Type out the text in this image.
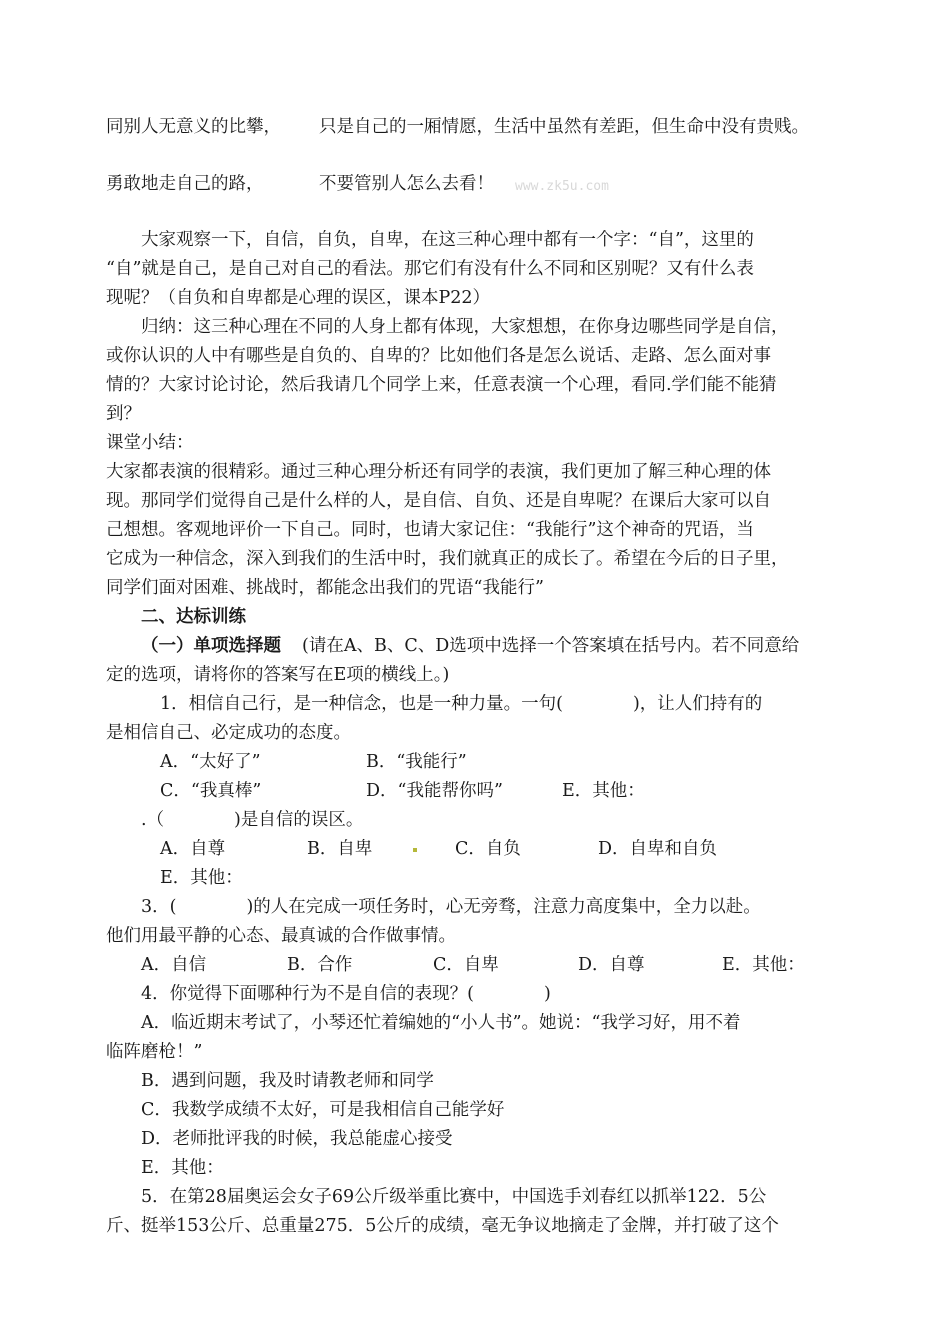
同别人无意义的比攀， 只是自己的一厢情愿，生活中虽然有差距，但生命中没有贵贱。
勇敢地走自己的路，	不要管别人怎么去看！ www.zk5u.com
大家观察一下，自信，自负，自卑，在这三种心理中都有一个字：“自”，这里的
“自”就是自己，是自己对自己的看法。那它们有没有什么不同和区别呢？又有什么表
现呢？（自负和自卑都是心理的误区，课本P22）
归纳：这三种心理在不同的人身上都有体现，大家想想，在你身边哪些同学是自信，
或你认识的人中有哪些是自负的、自卑的？比如他们各是怎么说话、走路、怎么面对事
情的？大家讨论讨论，然后我请几个同学上来，任意表演一个心理，看同.学们能不能猜
到？
课堂小结：
大家都表演的很精彩。通过三种心理分析还有同学的表演，我们更加了解三种心理的体
现。那同学们觉得自己是什么样的人，是自信、自负、还是自卑呢？在课后大家可以自
己想想。客观地评价一下自己。同时，也请大家记住：“我能行”这个神奇的咒语，当
它成为一种信念，深入到我们的生活中时，我们就真正的成长了。希望在今后的日子里，
同学们面对困难、挑战时，都能念出我们的咒语“我能行”
二、达标训练
（一）单项选择题 (请在A、B、C、D选项中选择一个答案填在括号内。若不同意给
定的选项，请将你的答案写在E项的横线上。)
1．相信自己行，是一种信念，也是一种力量。一句(　　　　)，让人们持有的
是相信自己、必定成功的态度。
A．“太好了”	B．“我能行”
C．“我真棒”	D．“我能帮你吗”	E．其他：
.（　　　　)是自信的误区。
A．自尊	B．自卑	C．自负	D．自卑和自负
E．其他：
3．(　　　　)的人在完成一项任务时，心无旁骛，注意力高度集中，全力以赴。
他们用最平静的心态、最真诚的合作做事情。
A．自信	B．合作	C．自卑	D．自尊	E．其他：
4．你觉得下面哪种行为不是自信的表现？(　　　　)
A．临近期末考试了，小琴还忙着编她的“小人书”。她说：“我学习好，用不着
临阵磨枪！”
B．遇到问题，我及时请教老师和同学
C．我数学成绩不太好，可是我相信自己能学好
D．老师批评我的时候，我总能虚心接受
E．其他：
5．在第28届奥运会女子69公斤级举重比赛中，中国选手刘春红以抓举122．5公
斤、挺举153公斤、总重量275．5公斤的成绩，毫无争议地摘走了金牌，并打破了这个
